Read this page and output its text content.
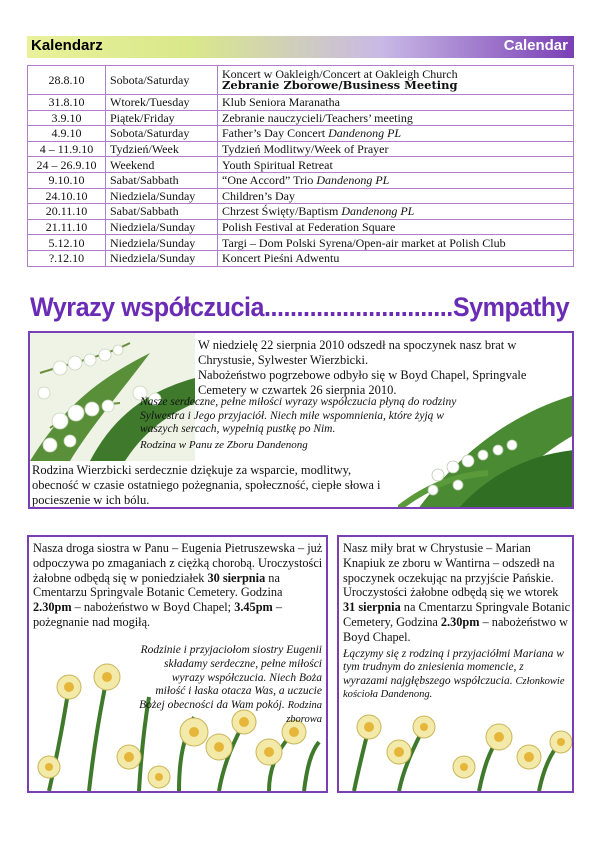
Kalendarz	Calendar
28.8.10	Sobota/Saturday	Koncert w Oakleigh/Concert at Oakleigh Church
Zebranie Zborowe/Business Meeting

31.8.10	Wtorek/Tuesday	Klub Seniora Maranatha
3.9.10	Piątek/Friday	Zebranie nauczycieli/Teachers’ meeting
4.9.10	Sobota/Saturday	Father’s Day Concert Dandenong PL
4 – 11.9.10	Tydzień/Week	Tydzień Modlitwy/Week of Prayer
24 – 26.9.10	Weekend	Youth Spiritual Retreat
9.10.10	Sabat/Sabbath	“One Accord” Trio Dandenong PL
24.10.10	Niedziela/Sunday	Children’s Day
20.11.10	Sabat/Sabbath	Chrzest Święty/Baptism Dandenong PL
21.11.10	Niedziela/Sunday	Polish Festival at Federation Square
5.12.10	Niedziela/Sunday	Targi – Dom Polski Syrena/Open-air market at Polish Club
?.12.10	Niedziela/Sunday	Koncert Pieśni Adwentu
Wyrazy współczucia.............................Sympathy
W niedzielę 22 sierpnia 2010 odszedł na spoczynek nasz brat w Chrystusie, Sylwester Wierzbicki.
Nabożeństwo pogrzebowe odbyło się w Boyd Chapel, Springvale Cemetery w czwartek 26 sierpnia 2010.
Nasze serdeczne, pełne miłości wyrazy współczucia płyną do rodziny Sylwestra i Jego przyjaciół. Niech miłe wspomnienia, które żyją w waszych sercach, wypełnią pustkę po Nim.
Rodzina w Panu ze Zboru Dandenong
Rodzina Wierzbicki serdecznie dziękuje za wsparcie, modlitwy, obecność w czasie ostatniego pożegnania, społeczność, ciepłe słowa i pocieszenie w ich bólu.
Nasza droga siostra w Panu – Eugenia Pietruszewska – już odpoczywa po zmaganiach z ciężką chorobą. Uroczystości żałobne odbędą się w poniedziałek 30 sierpnia na Cmentarzu Springvale Botanic Cemetery. Godzina 2.30pm – nabożeństwo w Boyd Chapel; 3.45pm – pożegnanie nad mogiłą.
Rodzinie i przyjaciołom siostry Eugenii składamy serdeczne, pełne miłości wyrazy współczucia. Niech Boża miłość i łaska otacza Was, a uczucie Bożej obecności da Wam pokój. Rodzina zborowa
Nasz miły brat w Chrystusie – Marian Knapiuk ze zboru w Wantirna – odszedł na spoczynek oczekując na przyjście Pańskie.
Uroczystości żałobne odbędą się we wtorek 31 sierpnia na Cmentarzu Springvale Botanic Cemetery, Godzina 2.30pm – nabożeństwo w Boyd Chapel.
Łączymy się z rodziną i przyjaciółmi Mariana w tym trudnym do zniesienia momencie, z wyrazami najgłębszego współczucia. Członkowie kościoła Dandenong.
